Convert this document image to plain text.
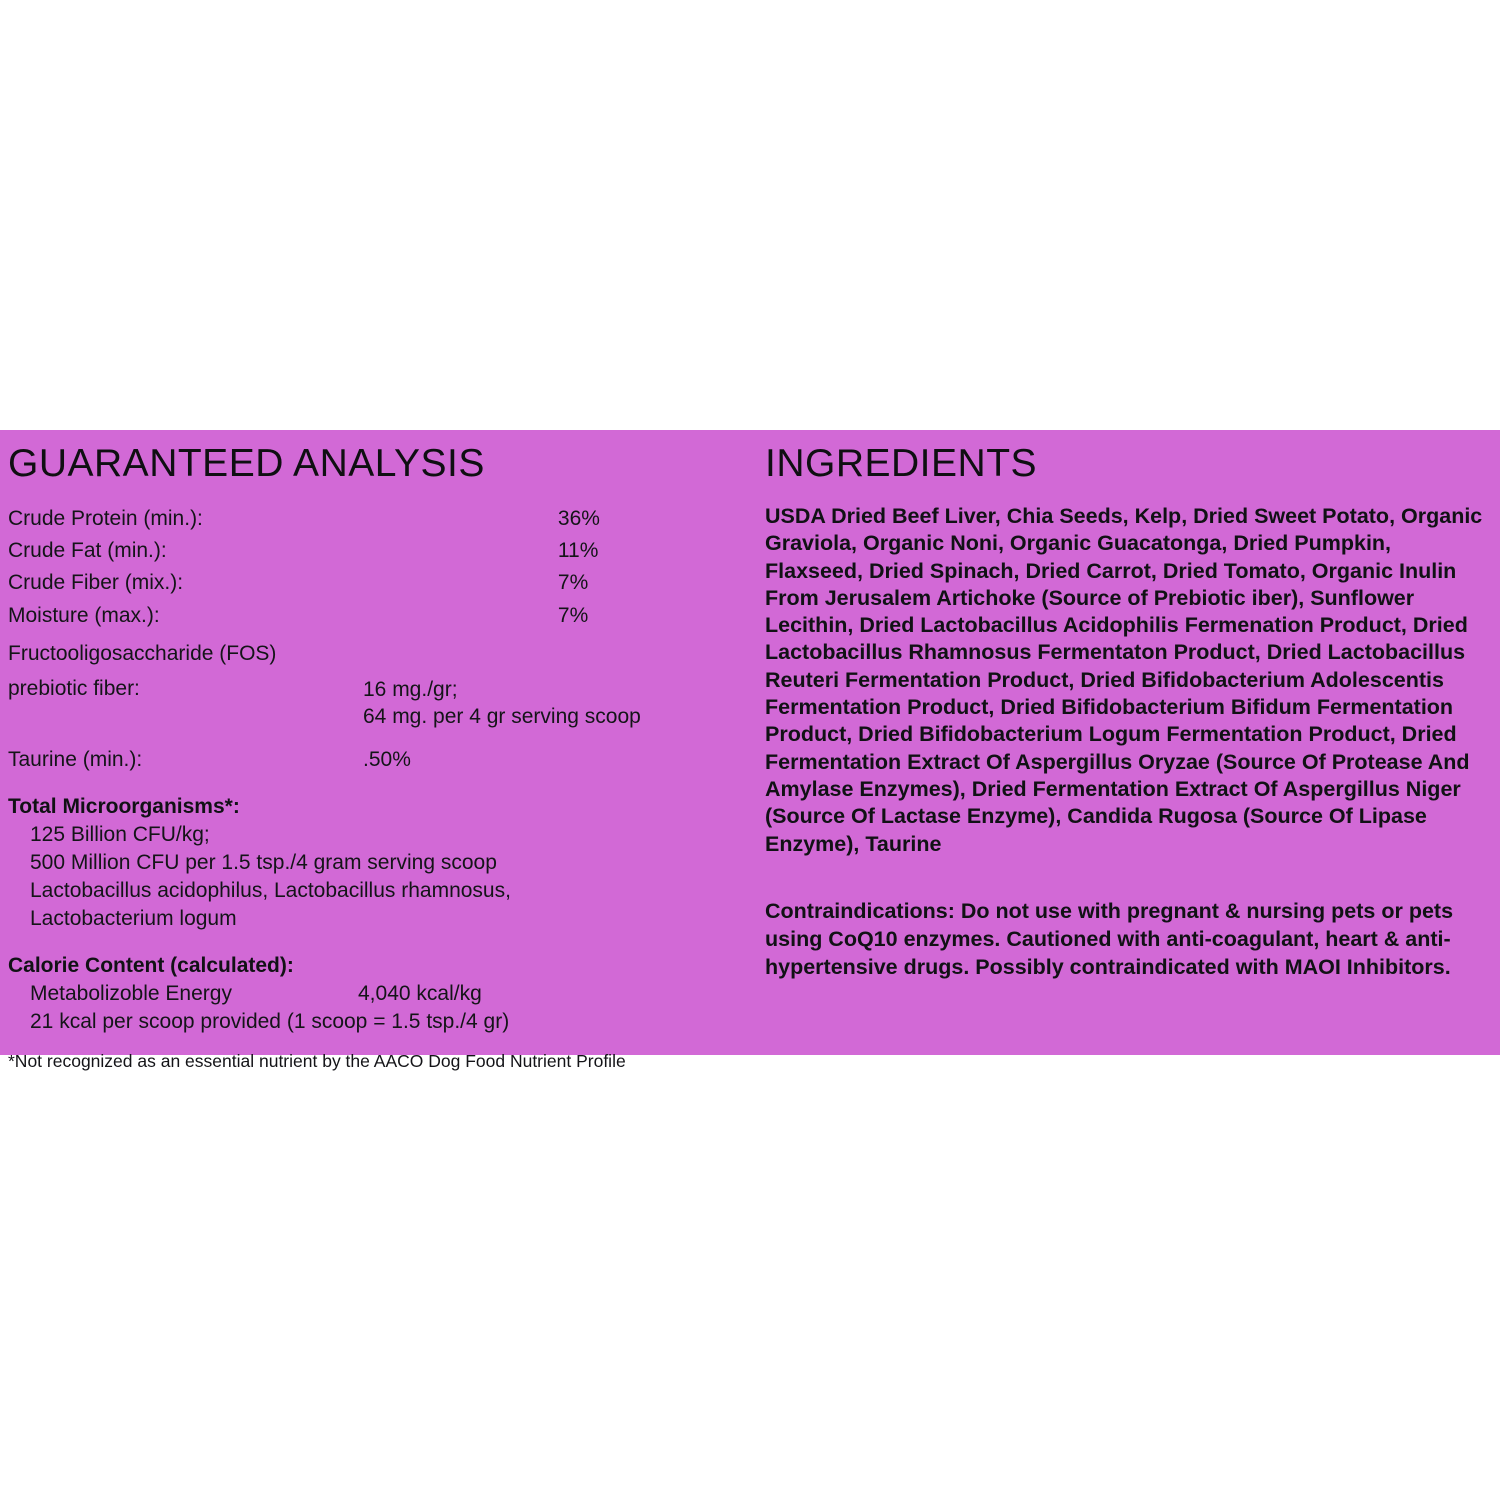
GUARANTEED ANALYSIS
Crude Protein (min.):	36%
Crude Fat (min.):	11%
Crude Fiber (mix.):	7%
Moisture (max.):	7%
Fructooligosaccharide (FOS)
prebiotic fiber:	16 mg./gr;
64 mg. per 4 gr serving scoop
Taurine (min.):	.50%
Total Microorganisms*:
125 Billion CFU/kg;
500 Million CFU per 1.5 tsp./4 gram serving scoop
Lactobacillus acidophilus, Lactobacillus rhamnosus,
Lactobacterium logum
Calorie Content (calculated):
Metabolizoble Energy	4,040 kcal/kg
21 kcal per scoop provided (1 scoop = 1.5 tsp./4 gr)
*Not recognized as an essential nutrient by the AACO Dog Food Nutrient Profile
INGREDIENTS

USDA Dried Beef Liver, Chia Seeds, Kelp, Dried Sweet Potato, Organic Graviola, Organic Noni, Organic Guacatonga, Dried Pumpkin, Flaxseed, Dried Spinach, Dried Carrot, Dried Tomato, Organic Inulin From Jerusalem Artichoke (Source of Prebiotic iber), Sunflower Lecithin, Dried Lactobacillus Acidophilis Fermenation Product, Dried Lactobacillus Rhamnosus Fermentaton Product, Dried Lactobacillus Reuteri Fermentation Product, Dried Bifidobacterium Adolescentis Fermentation Product, Dried Bifidobacterium Bifidum Fermentation Product, Dried Bifidobacterium Logum Fermentation Product, Dried Fermentation Extract Of Aspergillus Oryzae (Source Of Protease And Amylase Enzymes), Dried Fermentation Extract Of Aspergillus Niger (Source Of Lactase Enzyme), Candida Rugosa (Source Of Lipase Enzyme), Taurine

Contraindications: Do not use with pregnant & nursing pets or pets using CoQ10 enzymes. Cautioned with anti-coagulant, heart & anti-hypertensive drugs. Possibly contraindicated with MAOI Inhibitors.
